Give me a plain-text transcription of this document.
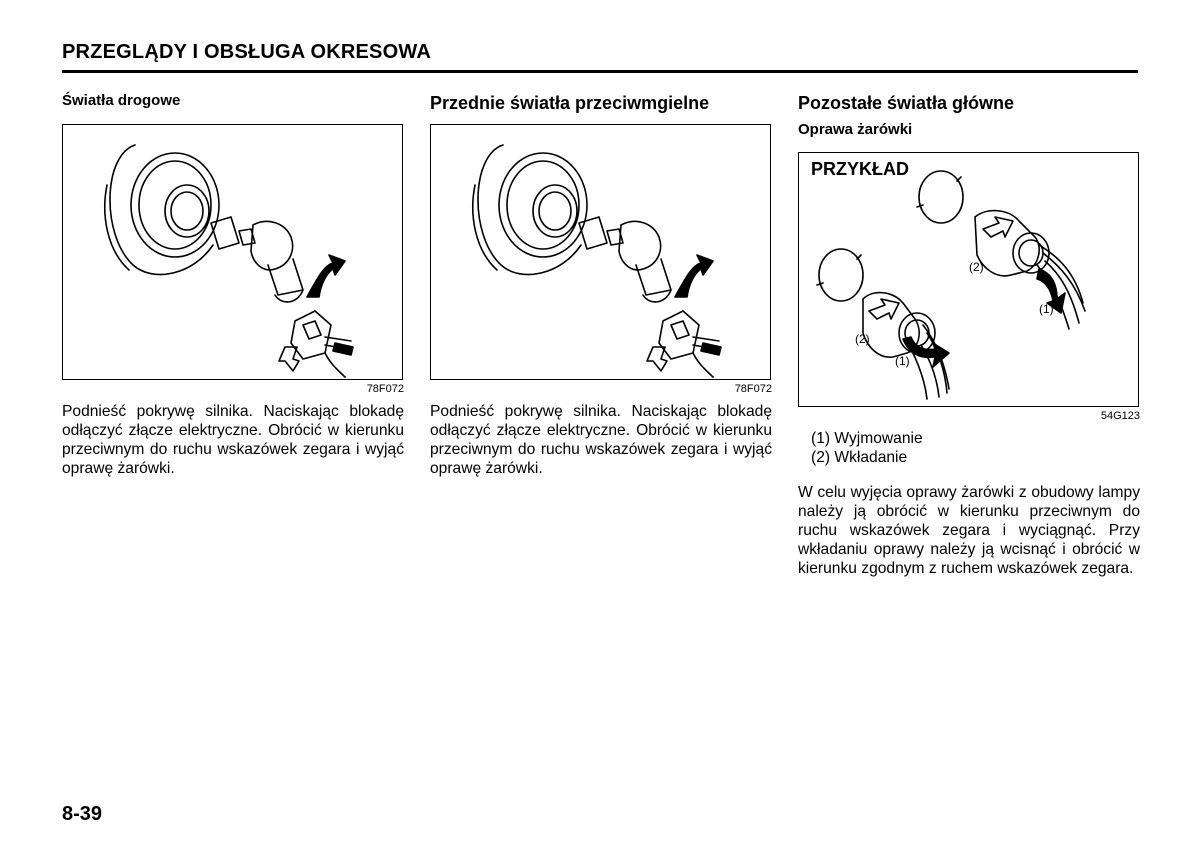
PRZEGLĄDY I OBSŁUGA OKRESOWA

Światła drogowe

78F072

Podnieść pokrywę silnika. Naciskając blokadę odłączyć złącze elektryczne. Obrócić w kierunku przeciwnym do ruchu wskazówek zegara i wyjąć oprawę żarówki.

Przednie światła przeciwmgielne

78F072

Podnieść pokrywę silnika. Naciskając blokadę odłączyć złącze elektryczne. Obrócić w kierunku przeciwnym do ruchu wskazówek zegara i wyjąć oprawę żarówki.

Pozostałe światła główne

Oprawa żarówki

PRZYKŁAD
(2)
(1)
(2)
(1)
54G123
(1) Wyjmowanie
(2) Wkładanie

W celu wyjęcia oprawy żarówki z obudowy lampy należy ją obrócić w kierunku przeciwnym do ruchu wskazówek zegara i wyciągnąć. Przy wkładaniu oprawy należy ją wcisnąć i obrócić w kierunku zgodnym z ruchem wskazówek zegara.

8-39
